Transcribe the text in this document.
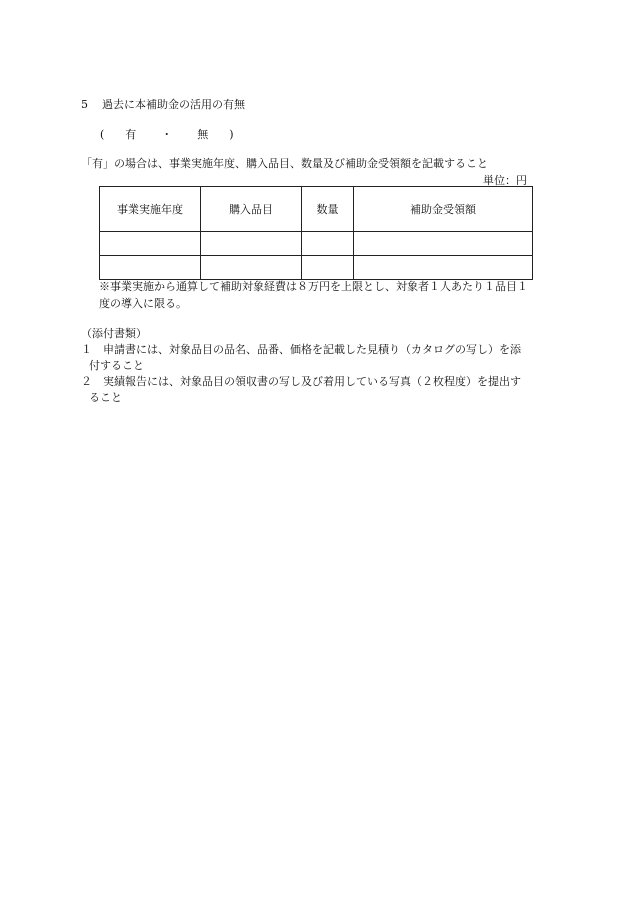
5 過去に本補助金の活用の有無
( 有 ・ 無 )
「有」の場合は、事業実施年度、購入品目、数量及び補助金受領額を記載すること
単位：円
事業実施年度	購入品目	数量	補助金受領額

※事業実施から通算して補助対象経費は８万円を上限とし、対象者１人あたり１品目１
度の導入に限る。
（添付書類）
１ 申請書には、対象品目の品名、品番、価格を記載した見積り（カタログの写し）を添
付すること
２ 実績報告には、対象品目の領収書の写し及び着用している写真（２枚程度）を提出す
ること
